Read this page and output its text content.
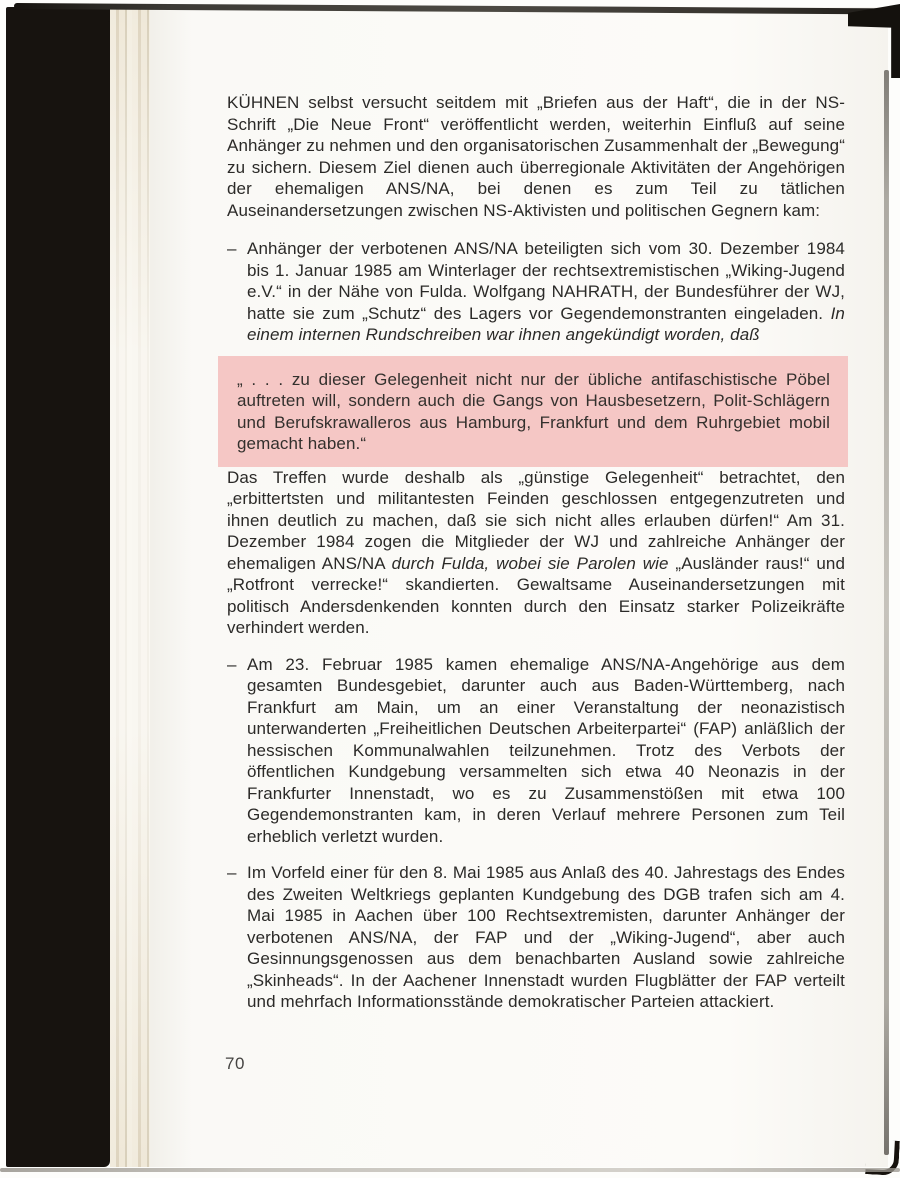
KÜHNEN selbst versucht seitdem mit „Briefen aus der Haft“, die in der NS-Schrift „Die Neue Front“ veröffentlicht werden, weiterhin Einfluß auf seine Anhänger zu nehmen und den organisatorischen Zusammenhalt der „Bewegung“ zu sichern. Diesem Ziel dienen auch überregionale Aktivitäten der Angehörigen der ehemaligen ANS/NA, bei denen es zum Teil zu tätlichen Auseinandersetzungen zwischen NS-Aktivisten und politischen Gegnern kam:

– Anhänger der verbotenen ANS/NA beteiligten sich vom 30. Dezember 1984 bis 1. Januar 1985 am Winterlager der rechtsextremistischen „Wiking-Jugend e.V.“ in der Nähe von Fulda. Wolfgang NAHRATH, der Bundesführer der WJ, hatte sie zum „Schutz“ des Lagers vor Gegendemonstranten eingeladen. In einem internen Rundschreiben war ihnen angekündigt worden, daß
„ . . . zu dieser Gelegenheit nicht nur der übliche antifaschistische Pöbel auftreten will, sondern auch die Gangs von Hausbesetzern, Polit-Schlägern und Berufskrawalleros aus Hamburg, Frankfurt und dem Ruhrgebiet mobil gemacht haben.“

Das Treffen wurde deshalb als „günstige Gelegenheit“ betrachtet, den „erbittertsten und militantesten Feinden geschlossen entgegenzutreten und ihnen deutlich zu machen, daß sie sich nicht alles erlauben dürfen!“ Am 31. Dezember 1984 zogen die Mitglieder der WJ und zahlreiche Anhänger der ehemaligen ANS/NA durch Fulda, wobei sie Parolen wie „Ausländer raus!“ und „Rotfront verrecke!“ skandierten. Gewaltsame Auseinandersetzungen mit politisch Andersdenkenden konnten durch den Einsatz starker Polizeikräfte verhindert werden.

– Am 23. Februar 1985 kamen ehemalige ANS/NA-Angehörige aus dem gesamten Bundesgebiet, darunter auch aus Baden-Württemberg, nach Frankfurt am Main, um an einer Veranstaltung der neonazistisch unterwanderten „Freiheitlichen Deutschen Arbeiterpartei“ (FAP) anläßlich der hessischen Kommunalwahlen teilzunehmen. Trotz des Verbots der öffentlichen Kundgebung versammelten sich etwa 40 Neonazis in der Frankfurter Innenstadt, wo es zu Zusammenstößen mit etwa 100 Gegendemonstranten kam, in deren Verlauf mehrere Personen zum Teil erheblich verletzt wurden.
– Im Vorfeld einer für den 8. Mai 1985 aus Anlaß des 40. Jahrestags des Endes des Zweiten Weltkriegs geplanten Kundgebung des DGB trafen sich am 4. Mai 1985 in Aachen über 100 Rechtsextremisten, darunter Anhänger der verbotenen ANS/NA, der FAP und der „Wiking-Jugend“, aber auch Gesinnungsgenossen aus dem benachbarten Ausland sowie zahlreiche „Skinheads“. In der Aachener Innenstadt wurden Flugblätter der FAP verteilt und mehrfach Informationsstände demokratischer Parteien attackiert.
70
